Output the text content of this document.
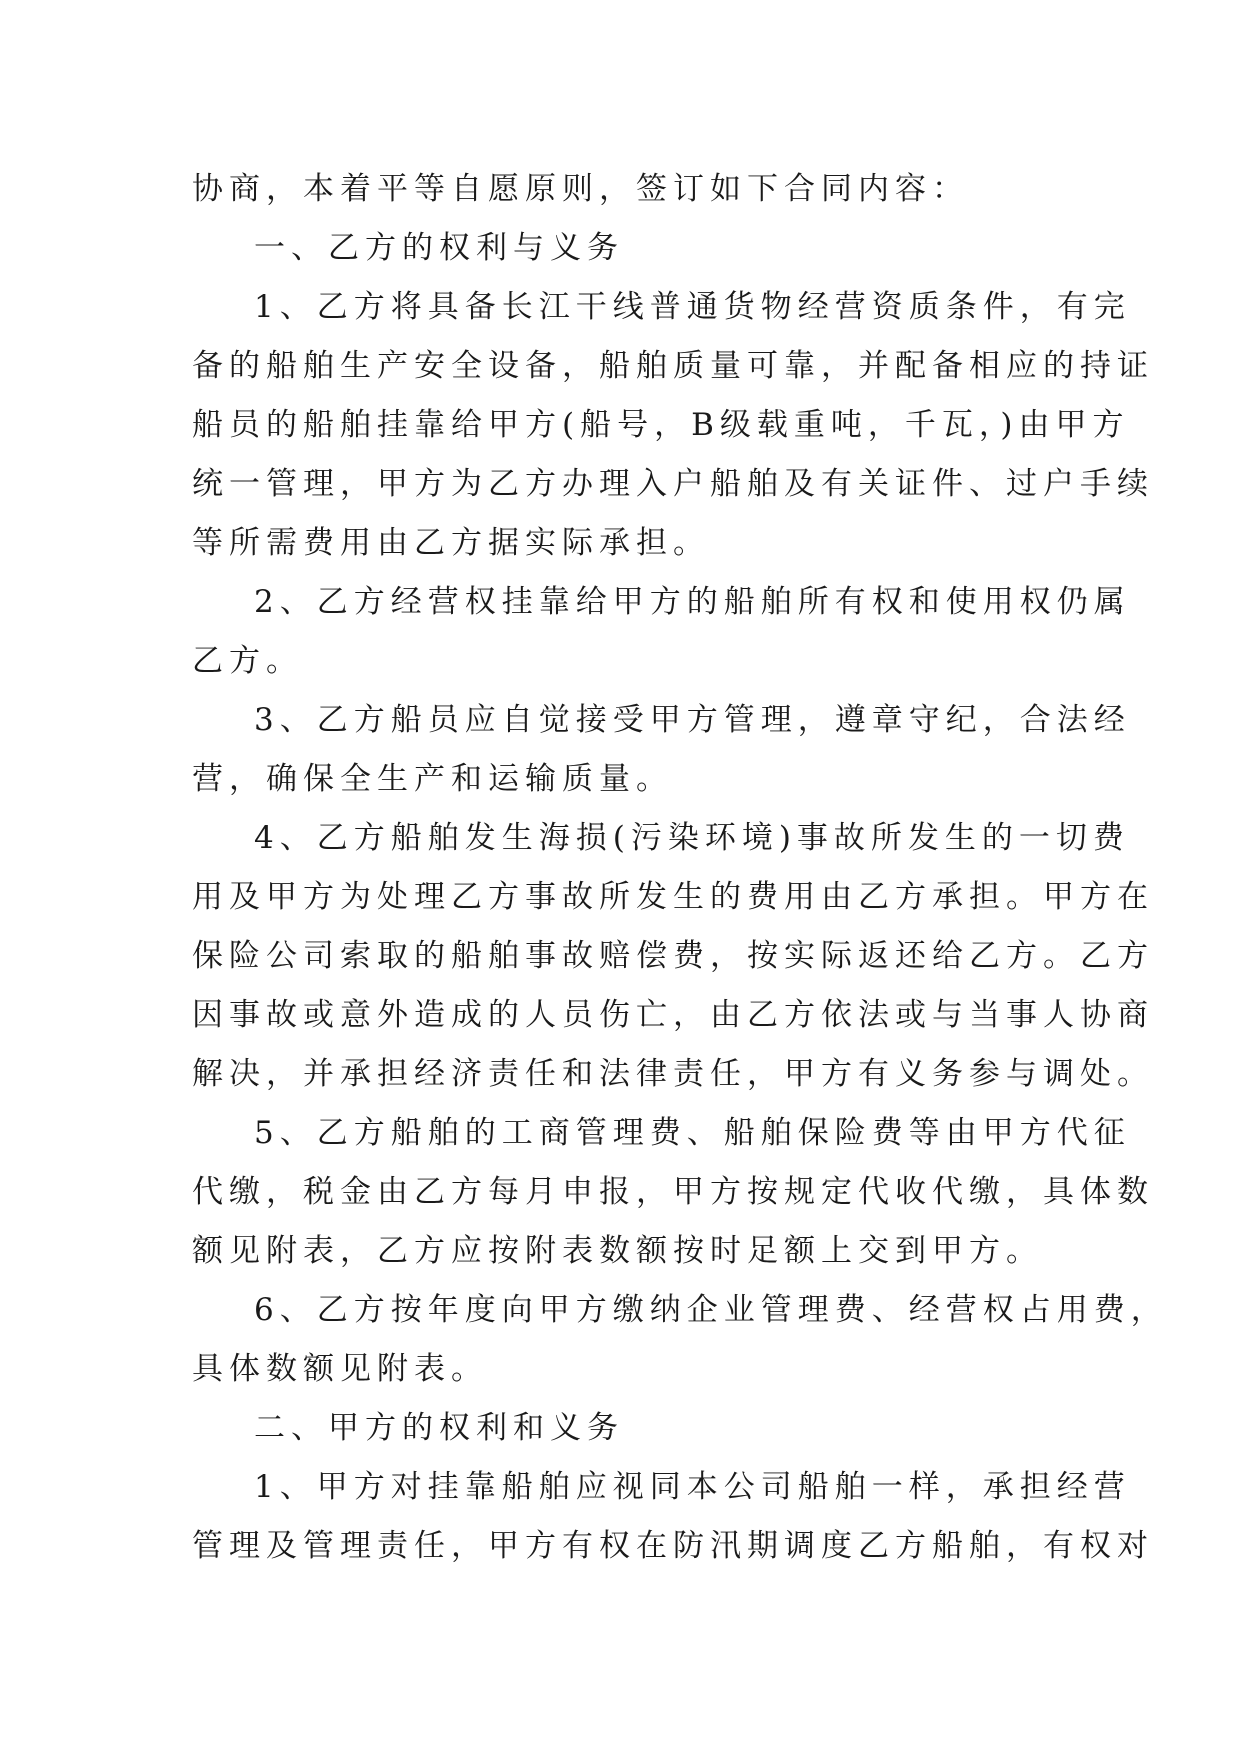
协商，本着平等自愿原则，签订如下合同内容：

一、乙方的权利与义务

1、乙方将具备长江干线普通货物经营资质条件，有完

备的船舶生产安全设备，船舶质量可靠，并配备相应的持证

船员的船舶挂靠给甲方(船号，B级载重吨，千瓦，)由甲方

统一管理，甲方为乙方办理入户船舶及有关证件、过户手续

等所需费用由乙方据实际承担。

2、乙方经营权挂靠给甲方的船舶所有权和使用权仍属

乙方。

3、乙方船员应自觉接受甲方管理，遵章守纪，合法经

营，确保全生产和运输质量。

4、乙方船舶发生海损(污染环境)事故所发生的一切费

用及甲方为处理乙方事故所发生的费用由乙方承担。甲方在

保险公司索取的船舶事故赔偿费，按实际返还给乙方。乙方

因事故或意外造成的人员伤亡，由乙方依法或与当事人协商

解决，并承担经济责任和法律责任，甲方有义务参与调处。

5、乙方船舶的工商管理费、船舶保险费等由甲方代征

代缴，税金由乙方每月申报，甲方按规定代收代缴，具体数

额见附表，乙方应按附表数额按时足额上交到甲方。

6、乙方按年度向甲方缴纳企业管理费、经营权占用费，

具体数额见附表。

二、甲方的权利和义务

1、甲方对挂靠船舶应视同本公司船舶一样，承担经营

管理及管理责任，甲方有权在防汛期调度乙方船舶，有权对
